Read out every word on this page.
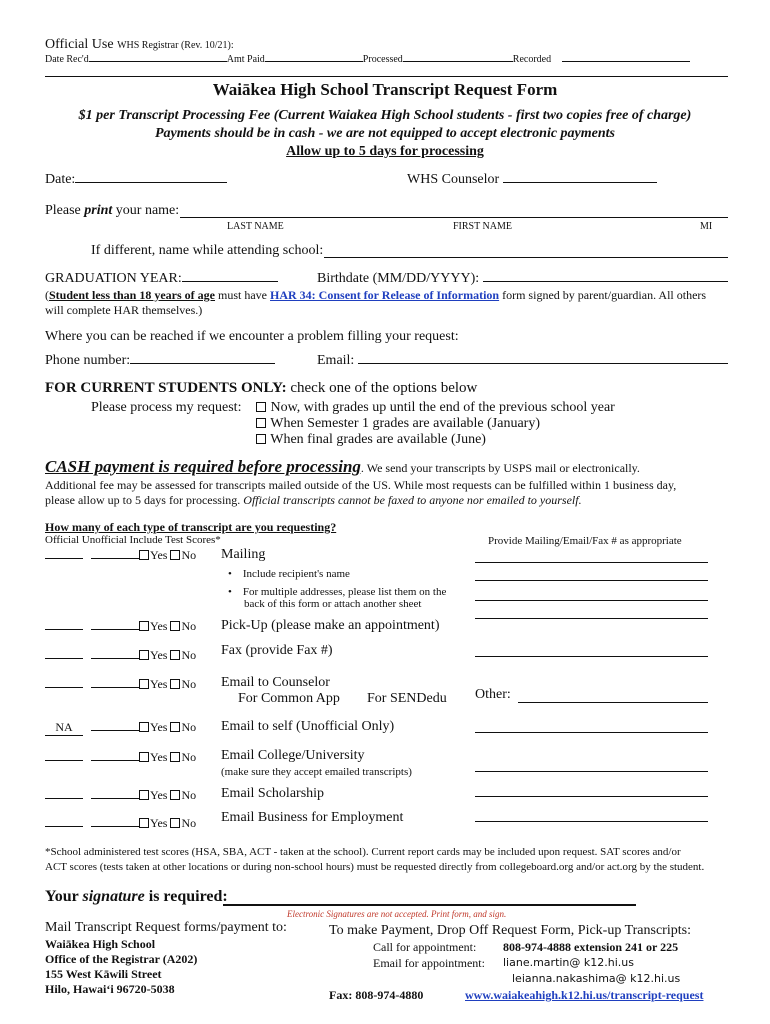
Official Use WHS Registrar (Rev. 10/21):
Date Rec'd	Amt Paid	Processed	Recorded
Waiākea High School Transcript Request Form
$1 per Transcript Processing Fee (Current Waiakea High School students - first two copies free of charge)
Payments should be in cash - we are not equipped to accept electronic payments
Allow up to 5 days for processing
Date:	WHS Counselor
Please print your name:
LAST NAME	FIRST NAME	MI
If different, name while attending school:
GRADUATION YEAR:	Birthdate (MM/DD/YYYY):
(Student less than 18 years of age must have HAR 34: Consent for Release of Information form signed by parent/guardian. All others
will complete HAR themselves.)
Where you can be reached if we encounter a problem filling your request:
Phone number:	Email:
FOR CURRENT STUDENTS ONLY: check one of the options below
Please process my request:	Now, with grades up until the end of the previous school year
When Semester 1 grades are available (January)
When final grades are available (June)
CASH payment is required before processing. We send your transcripts by USPS mail or electronically.
Additional fee may be assessed for transcripts mailed outside of the US. While most requests can be fulfilled within 1 business day,
please allow up to 5 days for processing. Official transcripts cannot be faxed to anyone nor emailed to yourself.
How many of each type of transcript are you requesting?
Official Unofficial Include Test Scores*	Provide Mailing/Email/Fax # as appropriate
Yes No Mailing
•    Include recipient's name
•    For multiple addresses, please list them on the
back of this form or attach another sheet
Yes No Pick-Up (please make an appointment)
Yes No Fax (provide Fax #)
Yes No Email to Counselor
For Common App For SENDedu Other:
NA	Yes No Email to self (Unofficial Only)
Yes No Email College/University
(make sure they accept emailed transcripts)
Yes No Email Scholarship
Yes No Email Business for Employment
*School administered test scores (HSA, SBA, ACT - taken at the school). Current report cards may be included upon request. SAT scores and/or
ACT scores (tests taken at other locations or during non-school hours) must be requested directly from collegeboard.org and/or act.org by the student.
Your signature is required:
Electronic Signatures are not accepted. Print form, and sign.
Mail Transcript Request forms/payment to:
Waiākea High School
Office of the Registrar (A202)
155 West Kāwili Street
Hilo, Hawaiʻi 96720-5038
To make Payment, Drop Off Request Form, Pick-up Transcripts:
Call for appointment: 808-974-4888 extension 241 or 225
Email for appointment: liane.martin@ k12.hi.us
leianna.nakashima@ k12.hi.us
Fax: 808-974-4880	www.waiakeahigh.k12.hi.us/transcript-request
